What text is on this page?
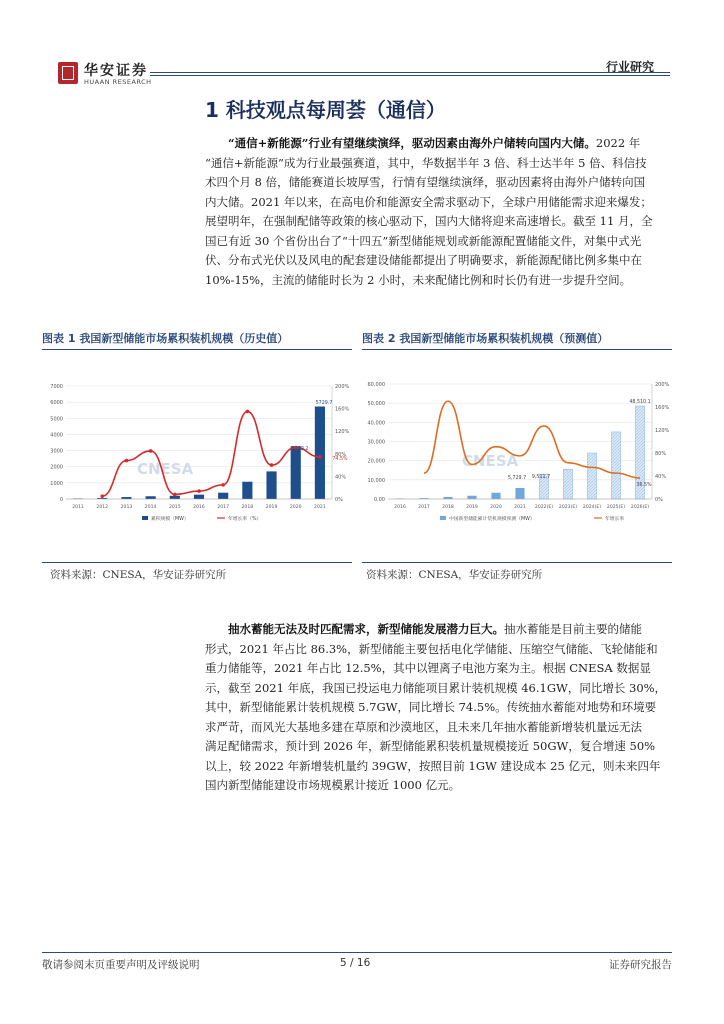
华安证券
HUAAN RESEARCH
行业研究
1 科技观点每周荟（通信）
“通信+新能源”行业有望继续演绎，驱动因素由海外户储转向国内大储。2022 年
“通信+新能源”成为行业最强赛道，其中，华数据半年 3 倍、科士达半年 5 倍、科信技
术四个月 8 倍，储能赛道长坡厚雪，行情有望继续演绎，驱动因素将由海外户储转向国
内大储。2021 年以来，在高电价和能源安全需求驱动下，全球户用储能需求迎来爆发；
展望明年，在强制配储等政策的核心驱动下，国内大储将迎来高速增长。截至 11 月，全
国已有近 30 个省份出台了“十四五”新型储能规划或新能源配置储能文件，对集中式光
伏、分布式光伏以及风电的配套建设储能都提出了明确要求，新能源配储比例多集中在
10%-15%，主流的储能时长为 2 小时，未来配储比例和时长仍有进一步提升空间。
图表 1 我国新型储能市场累积装机规模（历史值）	图表 2 我国新型储能市场累积装机规模（预测值）
CNESA
0
1000
2000
3000
4000
5000
6000
7000
0%
40%
80%
120%
160%
200%
2011	2012	2013	2014	2015	2016	2017	2018	2019	2020	2021
3269.2
5729.7
74.5%
累积规模（MW）	年增长率（%）
CNESA
0.00
10,000
20,000
30,000
40,000
50,000
60,000
0%
40%
80%
120%
160%
200%
2016	2017	2018	2019	2020	2021 2022(E) 2023(E) 2024(E) 2025(E) 2026(E)
5,729.7 9,511.7
48,510.1
36.5%
中国新型储能累计装机规模预测（MW）	年增长率
资料来源：CNESA，华安证券研究所	资料来源：CNESA，华安证券研究所
抽水蓄能无法及时匹配需求，新型储能发展潜力巨大。抽水蓄能是目前主要的储能
形式，2021 年占比 86.3%，新型储能主要包括电化学储能、压缩空气储能、飞轮储能和
重力储能等，2021 年占比 12.5%，其中以锂离子电池方案为主。根据 CNESA 数据显
示，截至 2021 年底，我国已投运电力储能项目累计装机规模 46.1GW，同比增长 30%，
其中，新型储能累计装机规模 5.7GW，同比增长 74.5%。传统抽水蓄能对地势和环境要
求严苛，而风光大基地多建在草原和沙漠地区，且未来几年抽水蓄能新增装机量远无法
满足配储需求，预计到 2026 年，新型储能累积装机量规模接近 50GW，复合增速 50%
以上，较 2022 年新增装机量约 39GW，按照目前 1GW 建设成本 25 亿元，则未来四年
国内新型储能建设市场规模累计接近 1000 亿元。
敬请参阅末页重要声明及评级说明	5 / 16	证券研究报告
